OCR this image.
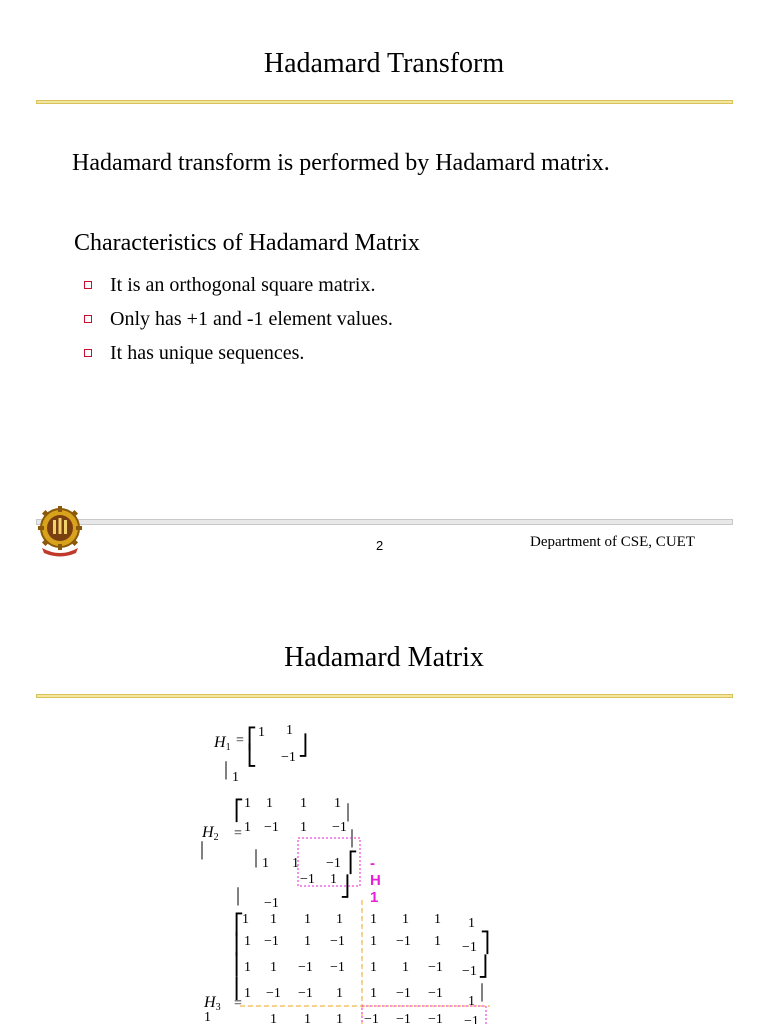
Hadamard Transform
Hadamard transform is performed by Hadamard matrix.
Characteristics of Hadamard Matrix
It is an orthogonal square matrix.
Only has +1 and -1 element values.
It has unique sequences.
2	Department of CSE, CUET
Hadamard Matrix
$H_1$ = ⎡
⎣
1 1
1
−1
⎦
|
$H_2$ =
⎡
|
1 1 1 1 |
1 −1 1 −1 |
| 1 1 −1 ⎡
−1 1 ⎦
| −1
-H
1
$H_3$ =
⎡
⎢
⎢
⎢
1 1 1 1 1 1 1 1
1 −1 1 −1 1 −1 1 −1 ⎤
1 1 −1 −1 1 1 −1 −1 ⎦
1 −1 −1 1 1 −1 −1
1 |
1	1 1 1 −1 −1 −1 −1
